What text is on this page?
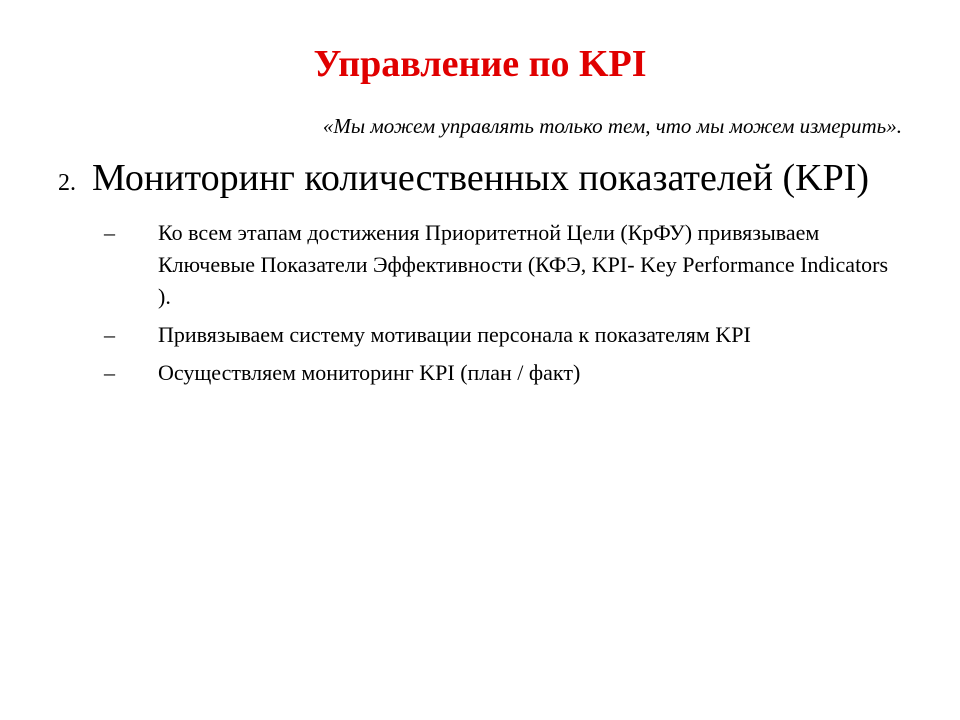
Управление по KPI
«Мы можем управлять только тем, что мы можем измерить».
2. Мониторинг количественных показателей (KPI)
–	Ко всем этапам достижения Приоритетной Цели (КрФУ) привязываем Ключевые Показатели Эффективности (КФЭ, KPI- Key Performance Indicators ).
–	Привязываем систему мотивации персонала к показателям KPI
–	Осуществляем мониторинг KPI (план / факт)
